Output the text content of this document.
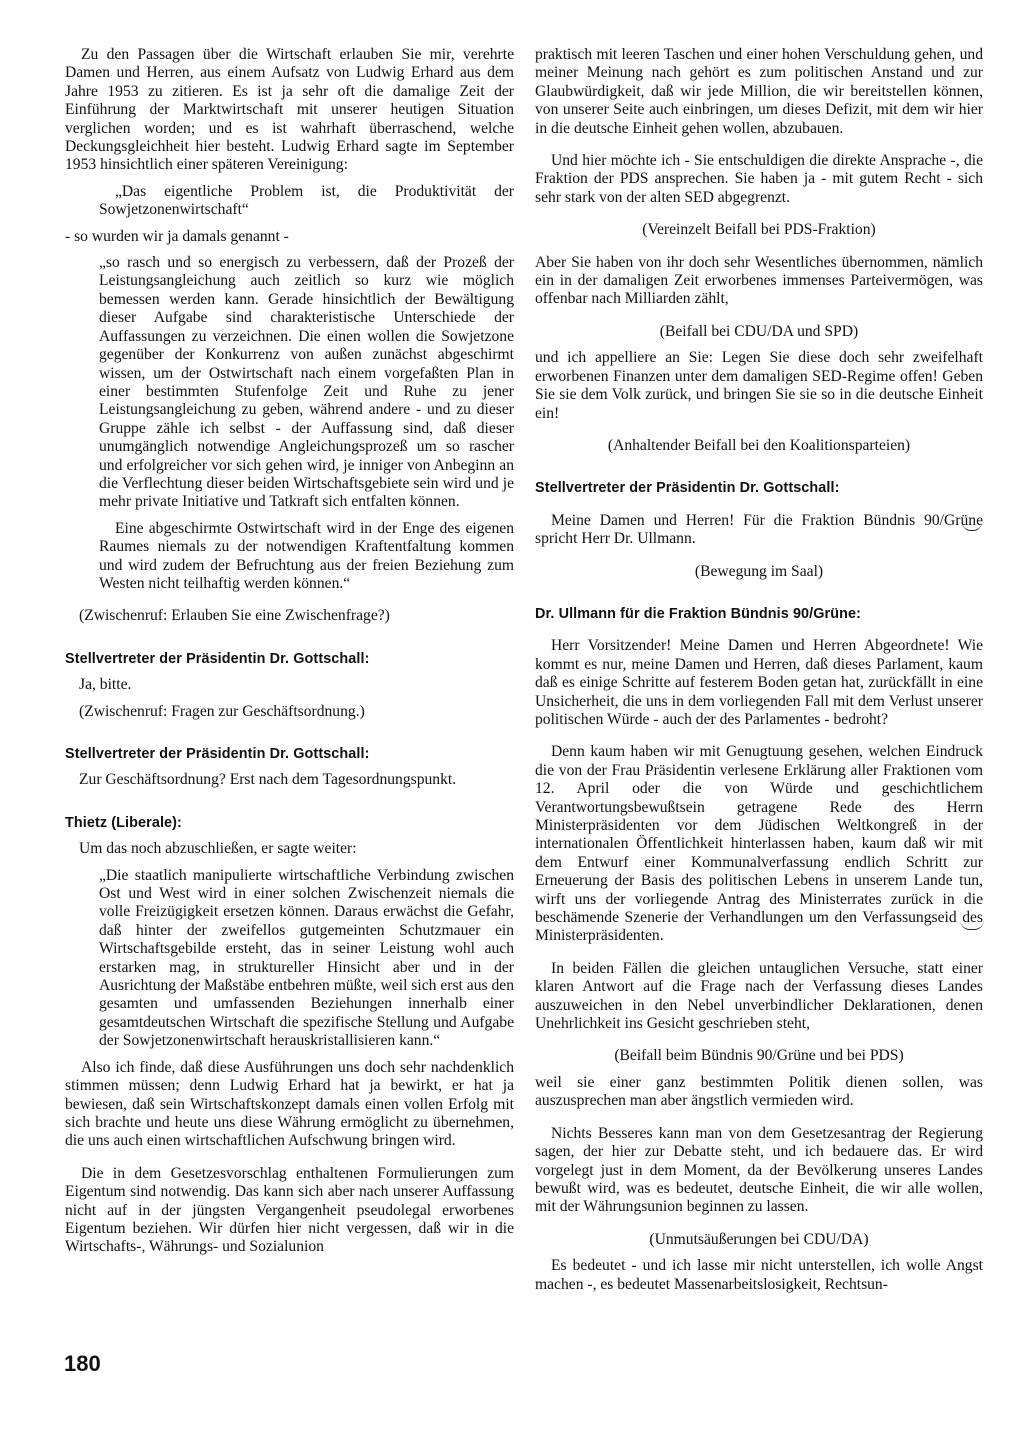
Zu den Passagen über die Wirtschaft erlauben Sie mir, verehrte Damen und Herren, aus einem Aufsatz von Ludwig Erhard aus dem Jahre 1953 zu zitieren. Es ist ja sehr oft die damalige Zeit der Einführung der Marktwirtschaft mit unserer heutigen Situation verglichen worden; und es ist wahrhaft überraschend, welche Deckungsgleichheit hier besteht. Ludwig Erhard sagte im September 1953 hinsichtlich einer späteren Vereinigung:

„Das eigentliche Problem ist, die Produktivität der Sowjetzonenwirtschaft“

- so wurden wir ja damals genannt -

„so rasch und so energisch zu verbessern, daß der Prozeß der Leistungsangleichung auch zeitlich so kurz wie möglich bemessen werden kann. Gerade hinsichtlich der Bewältigung dieser Aufgabe sind charakteristische Unterschiede der Auffassungen zu verzeichnen. Die einen wollen die Sowjetzone gegenüber der Konkurrenz von außen zunächst abgeschirmt wissen, um der Ostwirtschaft nach einem vorgefaßten Plan in einer bestimmten Stufenfolge Zeit und Ruhe zu jener Leistungsangleichung zu geben, während andere - und zu dieser Gruppe zähle ich selbst - der Auffassung sind, daß dieser unumgänglich notwendige Angleichungsprozeß um so rascher und erfolgreicher vor sich gehen wird, je inniger von Anbeginn an die Verflechtung dieser beiden Wirtschaftsgebiete sein wird und je mehr private Initiative und Tatkraft sich entfalten können.

Eine abgeschirmte Ostwirtschaft wird in der Enge des eigenen Raumes niemals zu der notwendigen Kraftentfaltung kommen und wird zudem der Befruchtung aus der freien Beziehung zum Westen nicht teilhaftig werden können.“

(Zwischenruf: Erlauben Sie eine Zwischenfrage?)

Stellvertreter der Präsidentin Dr. Gottschall:

Ja, bitte.

(Zwischenruf: Fragen zur Geschäftsordnung.)

Stellvertreter der Präsidentin Dr. Gottschall:

Zur Geschäftsordnung? Erst nach dem Tagesordnungspunkt.

Thietz (Liberale):

Um das noch abzuschließen, er sagte weiter:

„Die staatlich manipulierte wirtschaftliche Verbindung zwischen Ost und West wird in einer solchen Zwischenzeit niemals die volle Freizügigkeit ersetzen können. Daraus erwächst die Gefahr, daß hinter der zweifellos gutgemeinten Schutzmauer ein Wirtschaftsgebilde ersteht, das in seiner Leistung wohl auch erstarken mag, in struktureller Hinsicht aber und in der Ausrichtung der Maßstäbe entbehren müßte, weil sich erst aus den gesamten und umfassenden Beziehungen innerhalb einer gesamtdeutschen Wirtschaft die spezifische Stellung und Aufgabe der Sowjetzonenwirtschaft herauskristallisieren kann.“

Also ich finde, daß diese Ausführungen uns doch sehr nachdenklich stimmen müssen; denn Ludwig Erhard hat ja bewirkt, er hat ja bewiesen, daß sein Wirtschaftskonzept damals einen vollen Erfolg mit sich brachte und heute uns diese Währung ermöglicht zu übernehmen, die uns auch einen wirtschaftlichen Aufschwung bringen wird.

Die in dem Gesetzesvorschlag enthaltenen Formulierungen zum Eigentum sind notwendig. Das kann sich aber nach unserer Auffassung nicht auf in der jüngsten Vergangenheit pseudolegal erworbenes Eigentum beziehen. Wir dürfen hier nicht vergessen, daß wir in die Wirtschafts-, Währungs- und Sozialunion

praktisch mit leeren Taschen und einer hohen Verschuldung gehen, und meiner Meinung nach gehört es zum politischen Anstand und zur Glaubwürdigkeit, daß wir jede Million, die wir bereitstellen können, von unserer Seite auch einbringen, um dieses Defizit, mit dem wir hier in die deutsche Einheit gehen wollen, abzubauen.

Und hier möchte ich - Sie entschuldigen die direkte Ansprache -, die Fraktion der PDS ansprechen. Sie haben ja - mit gutem Recht - sich sehr stark von der alten SED abgegrenzt.

(Vereinzelt Beifall bei PDS-Fraktion)

Aber Sie haben von ihr doch sehr Wesentliches übernommen, nämlich ein in der damaligen Zeit erworbenes immenses Parteivermögen, was offenbar nach Milliarden zählt,

(Beifall bei CDU/DA und SPD)

und ich appelliere an Sie: Legen Sie diese doch sehr zweifelhaft erworbenen Finanzen unter dem damaligen SED-Regime offen! Geben Sie sie dem Volk zurück, und bringen Sie sie so in die deutsche Einheit ein!

(Anhaltender Beifall bei den Koalitionsparteien)

Stellvertreter der Präsidentin Dr. Gottschall:

Meine Damen und Herren! Für die Fraktion Bündnis 90/Grüne spricht Herr Dr. Ullmann.

(Bewegung im Saal)

Dr. Ullmann für die Fraktion Bündnis 90/Grüne:

Herr Vorsitzender! Meine Damen und Herren Abgeordnete! Wie kommt es nur, meine Damen und Herren, daß dieses Parlament, kaum daß es einige Schritte auf festerem Boden getan hat, zurückfällt in eine Unsicherheit, die uns in dem vorliegenden Fall mit dem Verlust unserer politischen Würde - auch der des Parlamentes - bedroht?

Denn kaum haben wir mit Genugtuung gesehen, welchen Eindruck die von der Frau Präsidentin verlesene Erklärung aller Fraktionen vom 12. April oder die von Würde und geschichtlichem Verantwortungsbewußtsein getragene Rede des Herrn Ministerpräsidenten vor dem Jüdischen Weltkongreß in der internationalen Öffentlichkeit hinterlassen haben, kaum daß wir mit dem Entwurf einer Kommunalverfassung endlich Schritt zur Erneuerung der Basis des politischen Lebens in unserem Lande tun, wirft uns der vorliegende Antrag des Ministerrates zurück in die beschämende Szenerie der Verhandlungen um den Verfassungseid des Ministerpräsidenten.

In beiden Fällen die gleichen untauglichen Versuche, statt einer klaren Antwort auf die Frage nach der Verfassung dieses Landes auszuweichen in den Nebel unverbindlicher Deklarationen, denen Unehrlichkeit ins Gesicht geschrieben steht,

(Beifall beim Bündnis 90/Grüne und bei PDS)

weil sie einer ganz bestimmten Politik dienen sollen, was auszusprechen man aber ängstlich vermieden wird.

Nichts Besseres kann man von dem Gesetzesantrag der Regierung sagen, der hier zur Debatte steht, und ich bedauere das. Er wird vorgelegt just in dem Moment, da der Bevölkerung unseres Landes bewußt wird, was es bedeutet, deutsche Einheit, die wir alle wollen, mit der Währungsunion beginnen zu lassen.

(Unmutsäußerungen bei CDU/DA)

Es bedeutet - und ich lasse mir nicht unterstellen, ich wolle Angst machen -, es bedeutet Massenarbeitslosigkeit, Rechtsun-

180
